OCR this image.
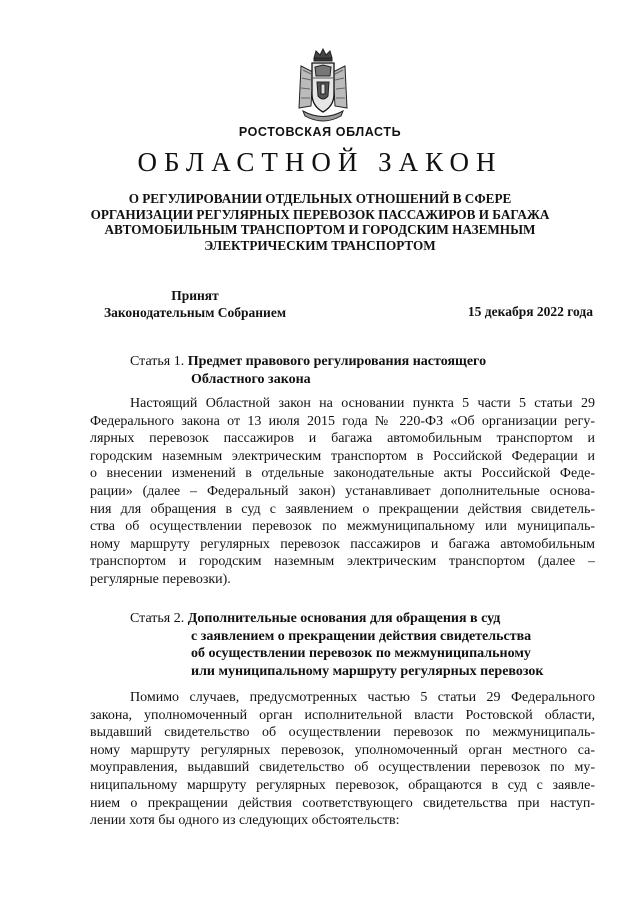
РОСТОВСКАЯ ОБЛАСТЬ
ОБЛАСТНОЙ ЗАКОН
О РЕГУЛИРОВАНИИ ОТДЕЛЬНЫХ ОТНОШЕНИЙ В СФЕРЕ
ОРГАНИЗАЦИИ РЕГУЛЯРНЫХ ПЕРЕВОЗОК ПАССАЖИРОВ И БАГАЖА
АВТОМОБИЛЬНЫМ ТРАНСПОРТОМ И ГОРОДСКИМ НАЗЕМНЫМ
ЭЛЕКТРИЧЕСКИМ ТРАНСПОРТОМ
Принят
Законодательным Собранием	15 декабря 2022 года
Статья 1. Предмет правового регулирования настоящего
Областного закона
Настоящий Областной закон на основании пункта 5 части 5 статьи 29
Федерального закона от 13 июля 2015 года № 220-ФЗ «Об организации регу-
лярных перевозок пассажиров и багажа автомобильным транспортом и
городским наземным электрическим транспортом в Российской Федерации и
о внесении изменений в отдельные законодательные акты Российской Феде-
рации» (далее – Федеральный закон) устанавливает дополнительные основа-
ния для обращения в суд с заявлением о прекращении действия свидетель-
ства об осуществлении перевозок по межмуниципальному или муниципаль-
ному маршруту регулярных перевозок пассажиров и багажа автомобильным
транспортом и городским наземным электрическим транспортом (далее –
регулярные перевозки).
Статья 2. Дополнительные основания для обращения в суд
с заявлением о прекращении действия свидетельства
об осуществлении перевозок по межмуниципальному
или муниципальному маршруту регулярных перевозок
Помимо случаев, предусмотренных частью 5 статьи 29 Федерального
закона, уполномоченный орган исполнительной власти Ростовской области,
выдавший свидетельство об осуществлении перевозок по межмуниципаль-
ному маршруту регулярных перевозок, уполномоченный орган местного са-
моуправления, выдавший свидетельство об осуществлении перевозок по му-
ниципальному маршруту регулярных перевозок, обращаются в суд с заявле-
нием о прекращении действия соответствующего свидетельства при наступ-
лении хотя бы одного из следующих обстоятельств:
